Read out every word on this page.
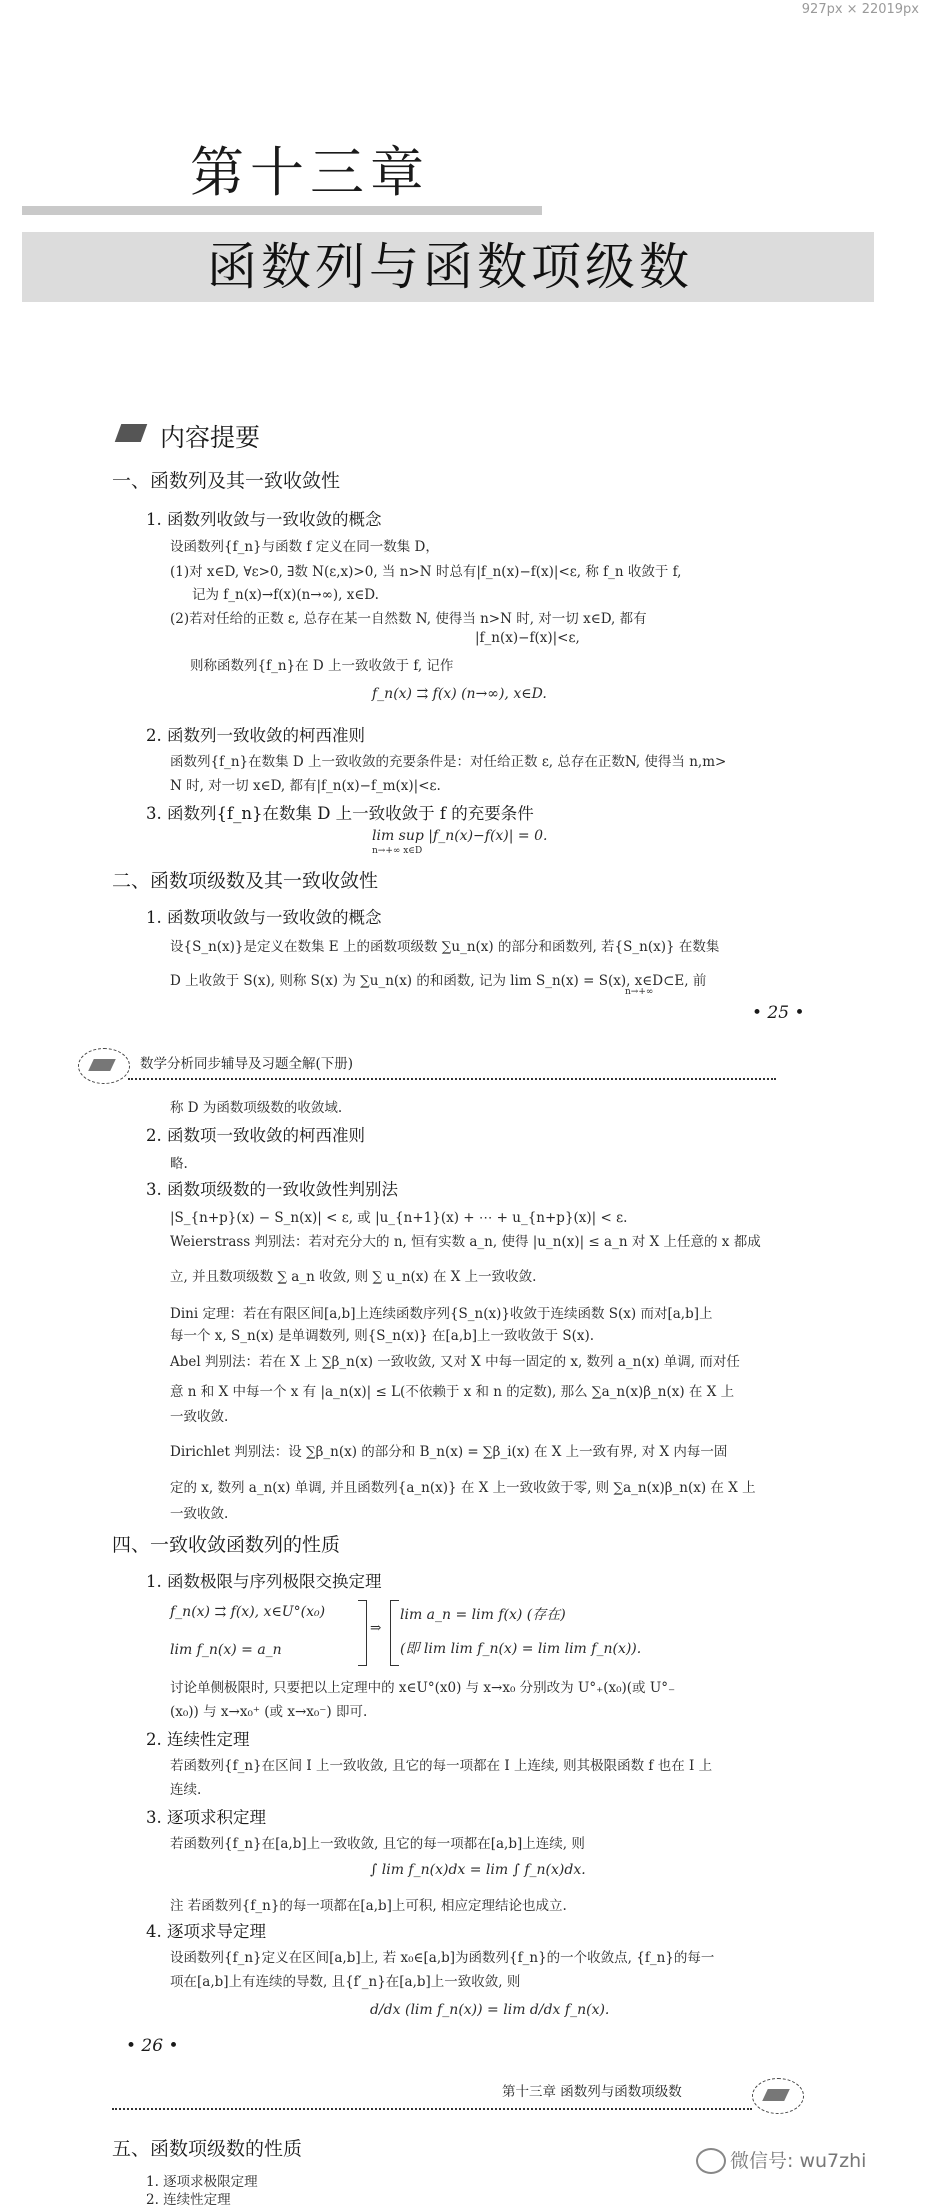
927px × 22019px
第十三章
函数列与函数项级数
内容提要
一、函数列及其一致收敛性
1. 函数列收敛与一致收敛的概念
设函数列{f_n}与函数 f 定义在同一数集 D，
(1)对 x∈D, ∀ε>0, ∃数 N(ε,x)>0, 当 n>N 时总有|f_n(x)−f(x)|<ε, 称 f_n 收敛于 f,
记为 f_n(x)→f(x)(n→∞), x∈D.
(2)若对任给的正数 ε, 总存在某一自然数 N, 使得当 n>N 时, 对一切 x∈D, 都有
|f_n(x)−f(x)|<ε,
则称函数列{f_n}在 D 上一致收敛于 f, 记作
f_n(x) ⇉ f(x) (n→∞), x∈D.
2. 函数列一致收敛的柯西准则
函数列{f_n}在数集 D 上一致收敛的充要条件是：对任给正数 ε, 总存在正数N, 使得当 n,m>
N 时, 对一切 x∈D, 都有|f_n(x)−f_m(x)|<ε.
3. 函数列{f_n}在数集 D 上一致收敛于 f 的充要条件
lim sup |f_n(x)−f(x)| = 0.
n→+∞ x∈D
二、函数项级数及其一致收敛性
1. 函数项收敛与一致收敛的概念
设{S_n(x)}是定义在数集 E 上的函数项级数 ∑u_n(x) 的部分和函数列, 若{S_n(x)} 在数集
D 上收敛于 S(x), 则称 S(x) 为 ∑u_n(x) 的和函数, 记为 lim S_n(x) = S(x), x∈D⊂E, 前
n→+∞
• 25 •
数学分析同步辅导及习题全解(下册)
称 D 为函数项级数的收敛域.
2. 函数项一致收敛的柯西准则
略.
3. 函数项级数的一致收敛性判别法
|S_{n+p}(x) − S_n(x)| < ε, 或 |u_{n+1}(x) + ⋯ + u_{n+p}(x)| < ε.
Weierstrass 判别法：若对充分大的 n, 恒有实数 a_n, 使得 |u_n(x)| ≤ a_n 对 X 上任意的 x 都成
立, 并且数项级数 ∑ a_n 收敛, 则 ∑ u_n(x) 在 X 上一致收敛.
Dini 定理：若在有限区间[a,b]上连续函数序列{S_n(x)}收敛于连续函数 S(x) 而对[a,b]上
每一个 x, S_n(x) 是单调数列, 则{S_n(x)} 在[a,b]上一致收敛于 S(x).
Abel 判别法：若在 X 上 ∑β_n(x) 一致收敛, 又对 X 中每一固定的 x, 数列 a_n(x) 单调, 而对任
意 n 和 X 中每一个 x 有 |a_n(x)| ≤ L(不依赖于 x 和 n 的定数), 那么 ∑a_n(x)β_n(x) 在 X 上
一致收敛.
Dirichlet 判别法：设 ∑β_n(x) 的部分和 B_n(x) = ∑β_i(x) 在 X 上一致有界, 对 X 内每一固
定的 x, 数列 a_n(x) 单调, 并且函数列{a_n(x)} 在 X 上一致收敛于零, 则 ∑a_n(x)β_n(x) 在 X 上
一致收敛.
四、一致收敛函数列的性质
1. 函数极限与序列极限交换定理
f_n(x) ⇉ f(x), x∈U°(x₀)
lim f_n(x) = a_n
⇒
lim a_n = lim f(x) (存在)
(即 lim lim f_n(x) = lim lim f_n(x)).
讨论单侧极限时, 只要把以上定理中的 x∈U°(x0) 与 x→x₀ 分别改为 U°₊(x₀)(或 U°₋
(x₀)) 与 x→x₀⁺ (或 x→x₀⁻) 即可.
2. 连续性定理
若函数列{f_n}在区间 I 上一致收敛, 且它的每一项都在 I 上连续, 则其极限函数 f 也在 I 上
连续.
3. 逐项求积定理
若函数列{f_n}在[a,b]上一致收敛, 且它的每一项都在[a,b]上连续, 则
∫ lim f_n(x)dx = lim ∫ f_n(x)dx.
注 若函数列{f_n}的每一项都在[a,b]上可积, 相应定理结论也成立.
4. 逐项求导定理
设函数列{f_n}定义在区间[a,b]上, 若 x₀∈[a,b]为函数列{f_n}的一个收敛点, {f_n}的每一
项在[a,b]上有连续的导数, 且{f′_n}在[a,b]上一致收敛, 则
d/dx (lim f_n(x)) = lim d/dx f_n(x).
• 26 •
第十三章 函数列与函数项级数
五、函数项级数的性质
1. 逐项求极限定理
2. 连续性定理
微信号: wu7zhi
